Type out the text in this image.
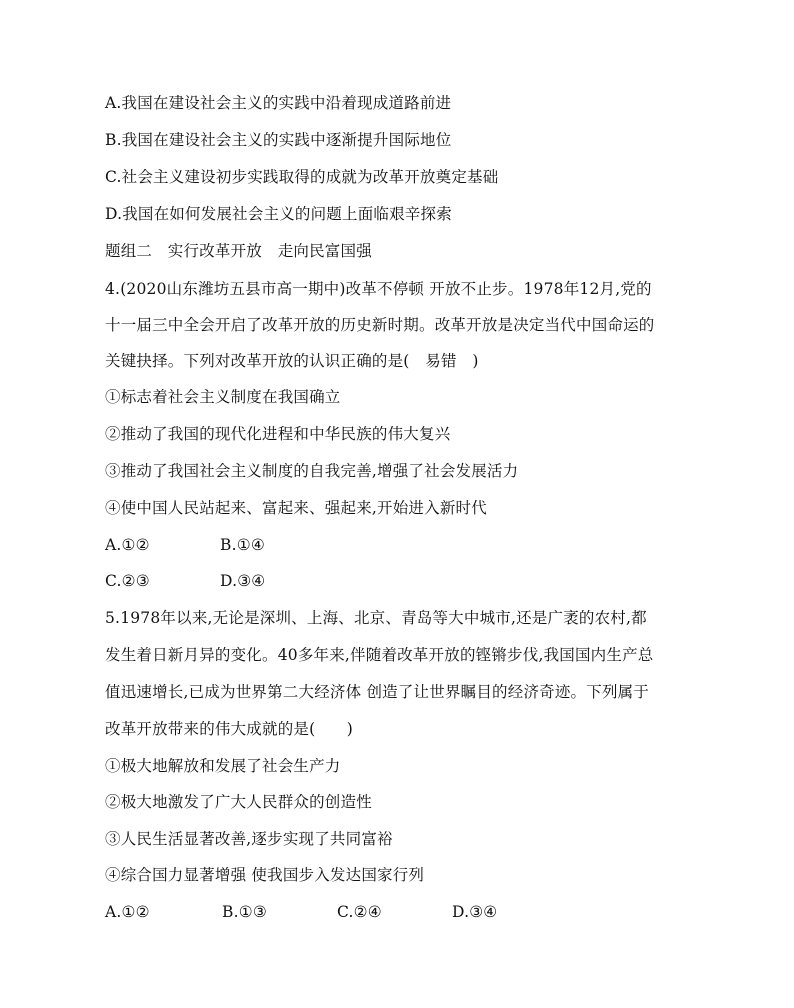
A.我国在建设社会主义的实践中沿着现成道路前进
B.我国在建设社会主义的实践中逐渐提升国际地位
C.社会主义建设初步实践取得的成就为改革开放奠定基础
D.我国在如何发展社会主义的问题上面临艰辛探索
题组二　实行改革开放　走向民富国强
4.(2020山东潍坊五县市高一期中)改革不停顿 开放不止步。1978年12月,党的
十一届三中全会开启了改革开放的历史新时期。改革开放是决定当代中国命运的
关键抉择。下列对改革开放的认识正确的是(　易错　)
①标志着社会主义制度在我国确立
②推动了我国的现代化进程和中华民族的伟大复兴
③推动了我国社会主义制度的自我完善,增强了社会发展活力
④使中国人民站起来、富起来、强起来,开始进入新时代
A.①②	B.①④
C.②③	D.③④
5.1978年以来,无论是深圳、上海、北京、青岛等大中城市,还是广袤的农村,都
发生着日新月异的变化。40多年来,伴随着改革开放的铿锵步伐,我国国内生产总
值迅速增长,已成为世界第二大经济体 创造了让世界瞩目的经济奇迹。下列属于
改革开放带来的伟大成就的是(　　)
①极大地解放和发展了社会生产力
②极大地激发了广大人民群众的创造性
③人民生活显著改善,逐步实现了共同富裕
④综合国力显著增强 使我国步入发达国家行列
A.①②	B.①③	C.②④	D.③④
